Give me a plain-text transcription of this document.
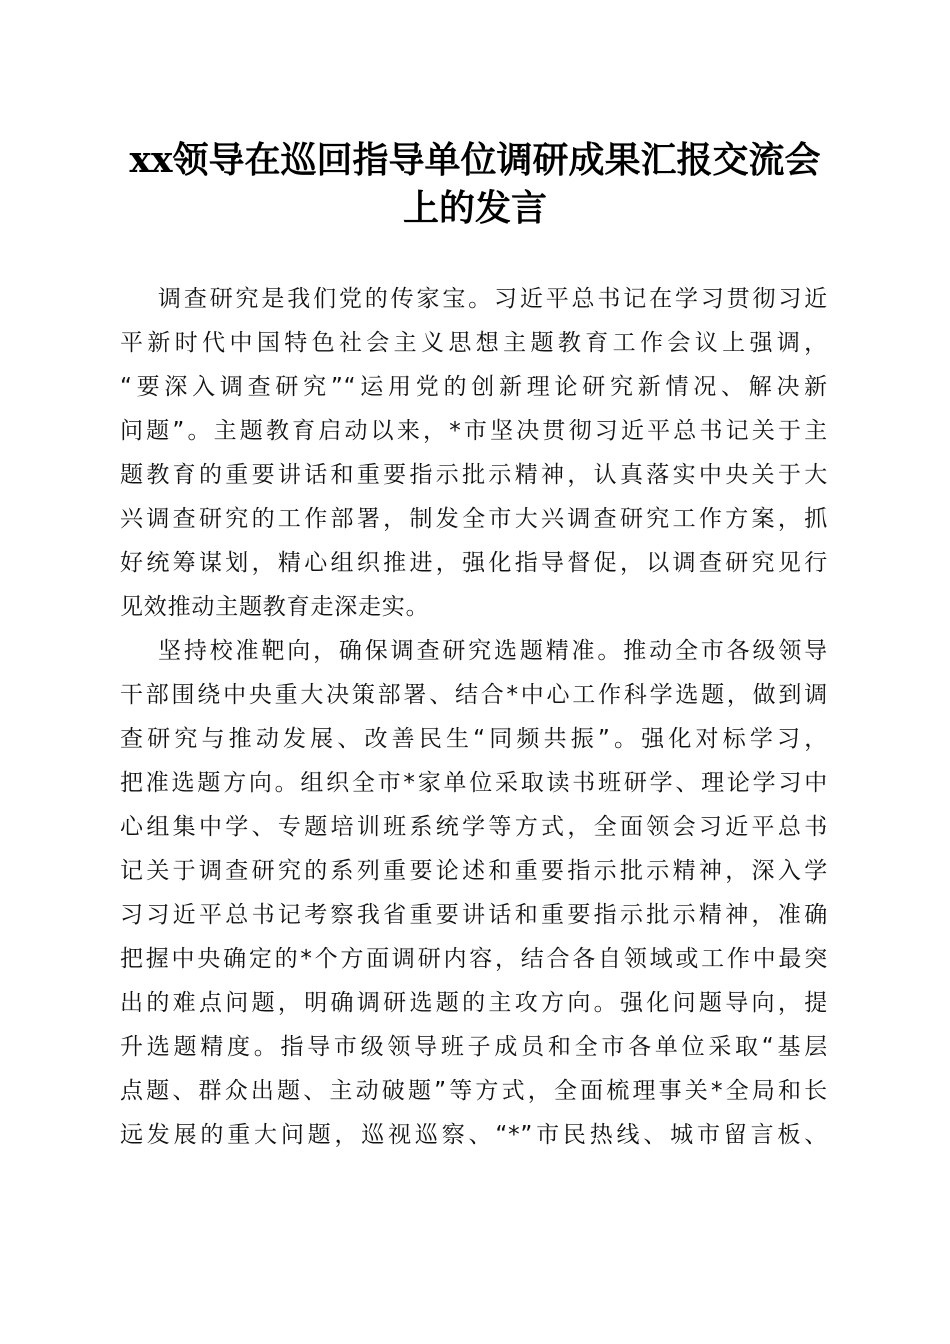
xx领导在巡回指导单位调研成果汇报交流会
上的发言
调查研究是我们党的传家宝。习近平总书记在学习贯彻习近
平新时代中国特色社会主义思想主题教育工作会议上强调，
“要深入调查研究”“运用党的创新理论研究新情况、解决新
问题”。主题教育启动以来，*市坚决贯彻习近平总书记关于主
题教育的重要讲话和重要指示批示精神，认真落实中央关于大
兴调查研究的工作部署，制发全市大兴调查研究工作方案，抓
好统筹谋划，精心组织推进，强化指导督促，以调查研究见行
见效推动主题教育走深走实。
坚持校准靶向，确保调查研究选题精准。推动全市各级领导
干部围绕中央重大决策部署、结合*中心工作科学选题，做到调
查研究与推动发展、改善民生“同频共振”。强化对标学习，
把准选题方向。组织全市*家单位采取读书班研学、理论学习中
心组集中学、专题培训班系统学等方式，全面领会习近平总书
记关于调查研究的系列重要论述和重要指示批示精神，深入学
习习近平总书记考察我省重要讲话和重要指示批示精神，准确
把握中央确定的*个方面调研内容，结合各自领域或工作中最突
出的难点问题，明确调研选题的主攻方向。强化问题导向，提
升选题精度。指导市级领导班子成员和全市各单位采取“基层
点题、群众出题、主动破题”等方式，全面梳理事关*全局和长
远发展的重大问题，巡视巡察、“*”市民热线、城市留言板、
